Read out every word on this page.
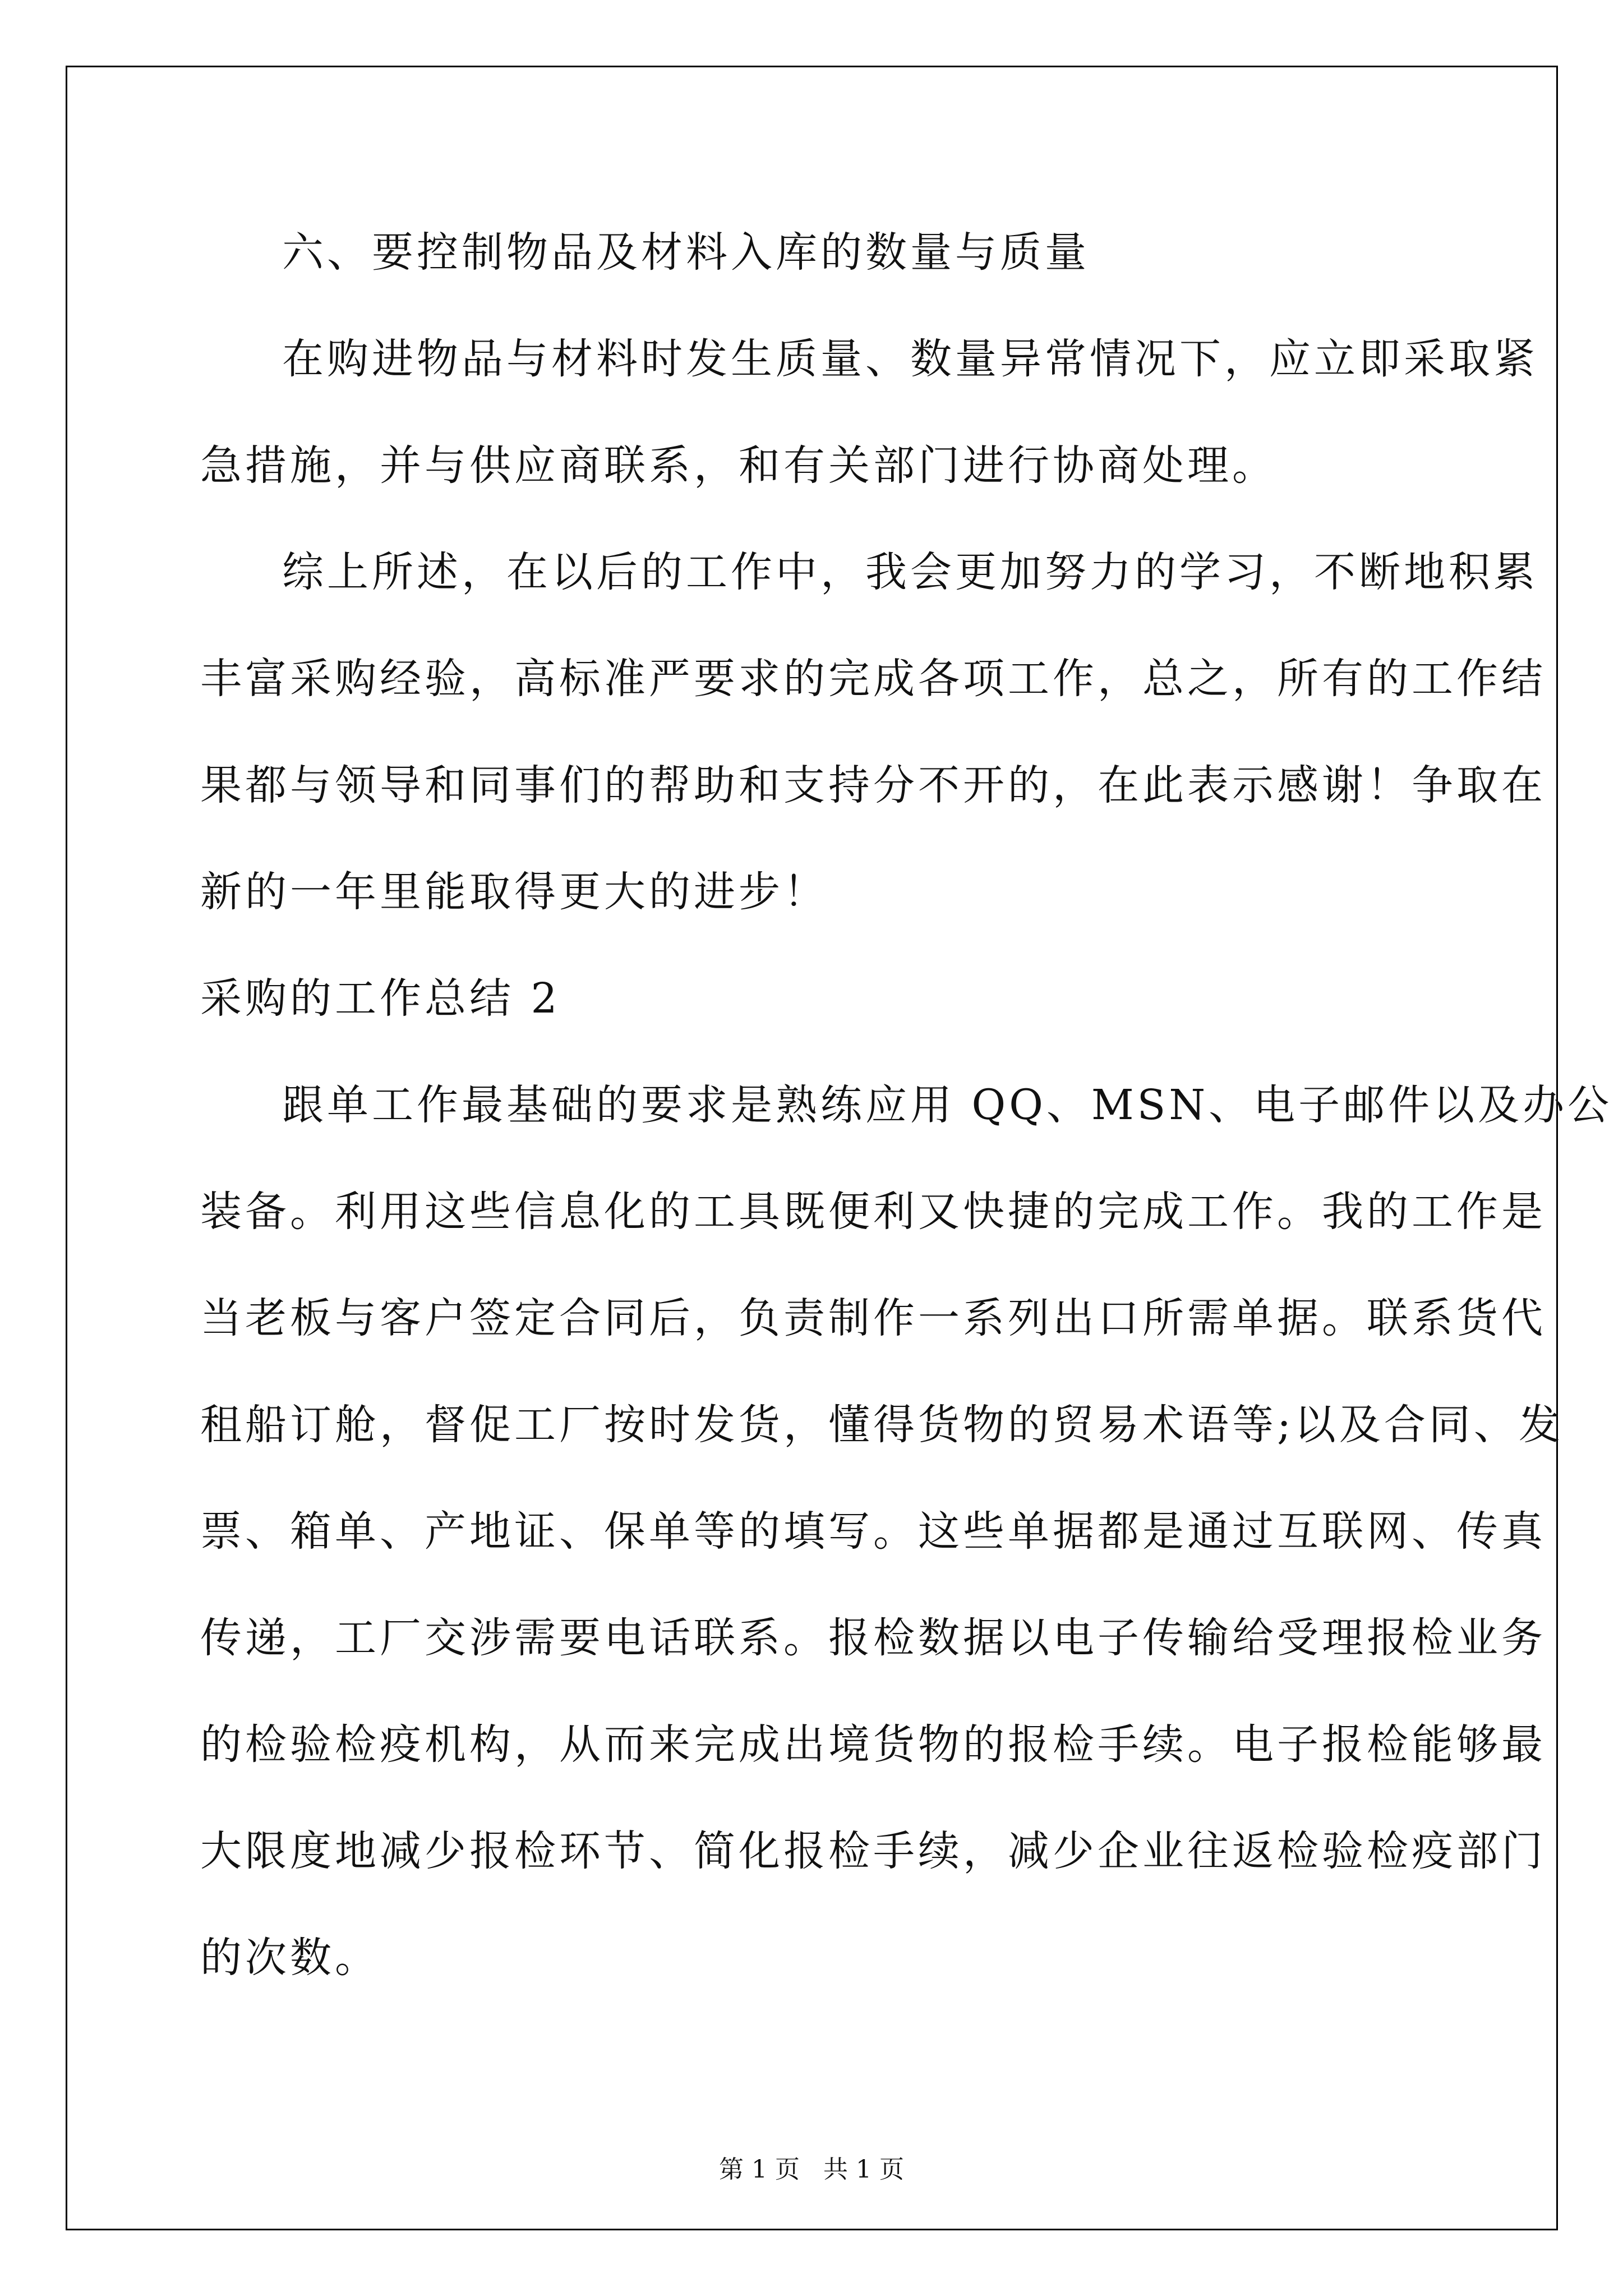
六、要控制物品及材料入库的数量与质量
在购进物品与材料时发生质量、数量异常情况下，应立即采取紧
急措施，并与供应商联系，和有关部门进行协商处理。
综上所述，在以后的工作中，我会更加努力的学习，不断地积累
丰富采购经验，高标准严要求的完成各项工作，总之，所有的工作结
果都与领导和同事们的帮助和支持分不开的，在此表示感谢！争取在
新的一年里能取得更大的进步！
采购的工作总结 2
跟单工作最基础的要求是熟练应用 QQ、MSN、电子邮件以及办公
装备。利用这些信息化的工具既便利又快捷的完成工作。我的工作是
当老板与客户签定合同后，负责制作一系列出口所需单据。联系货代
租船订舱，督促工厂按时发货，懂得货物的贸易术语等;以及合同、发
票、箱单、产地证、保单等的填写。这些单据都是通过互联网、传真
传递，工厂交涉需要电话联系。报检数据以电子传输给受理报检业务
的检验检疫机构，从而来完成出境货物的报检手续。电子报检能够最
大限度地减少报检环节、简化报检手续，减少企业往返检验检疫部门
的次数。
第 1 页 共 1 页
